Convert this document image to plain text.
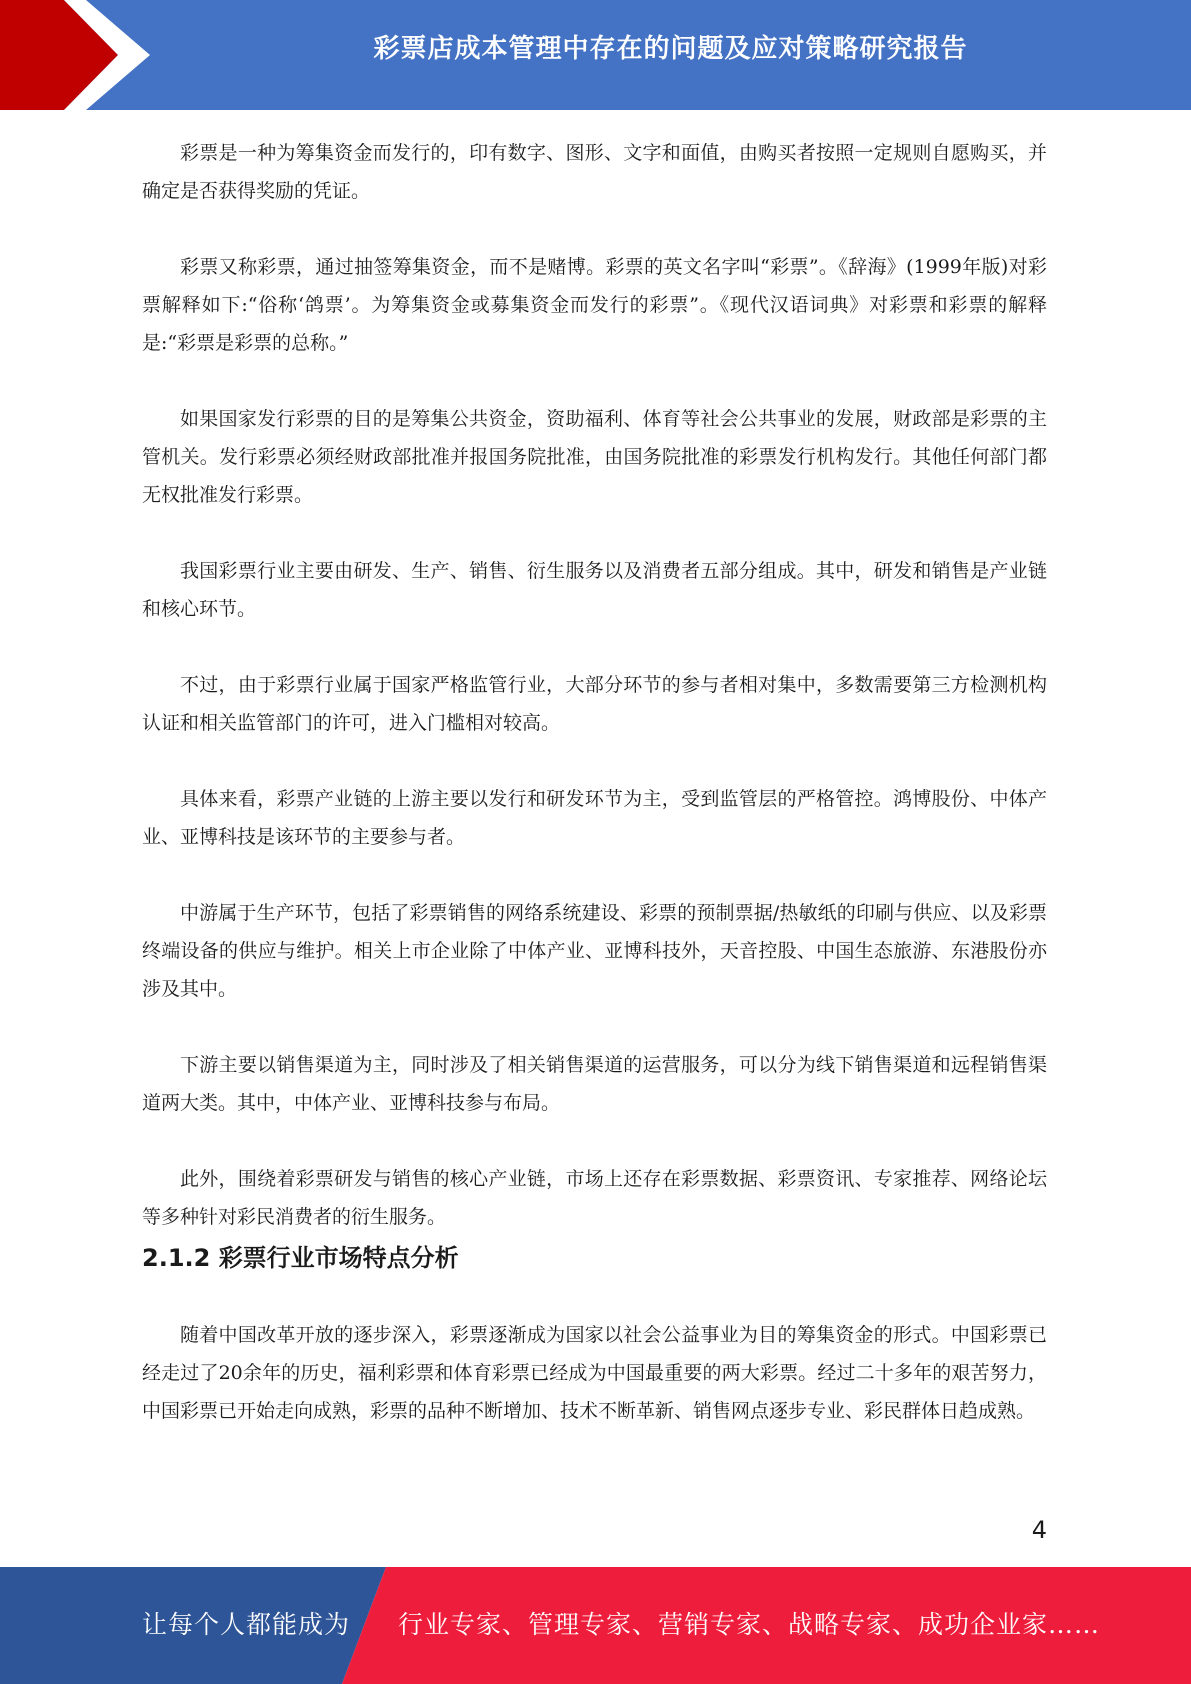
彩票店成本管理中存在的问题及应对策略研究报告

彩票是一种为筹集资金而发行的，印有数字、图形、文字和面值，由购买者按照一定规则自愿购买，并确定是否获得奖励的凭证。

彩票又称彩票，通过抽签筹集资金，而不是赌博。彩票的英文名字叫“彩票”。《辞海》(1999年版)对彩票解释如下:“俗称‘鸽票’。为筹集资金或募集资金而发行的彩票”。《现代汉语词典》对彩票和彩票的解释是:“彩票是彩票的总称。”

如果国家发行彩票的目的是筹集公共资金，资助福利、体育等社会公共事业的发展，财政部是彩票的主管机关。发行彩票必须经财政部批准并报国务院批准，由国务院批准的彩票发行机构发行。其他任何部门都无权批准发行彩票。

我国彩票行业主要由研发、生产、销售、衍生服务以及消费者五部分组成。其中，研发和销售是产业链和核心环节。

不过，由于彩票行业属于国家严格监管行业，大部分环节的参与者相对集中，多数需要第三方检测机构认证和相关监管部门的许可，进入门槛相对较高。

具体来看，彩票产业链的上游主要以发行和研发环节为主，受到监管层的严格管控。鸿博股份、中体产业、亚博科技是该环节的主要参与者。

中游属于生产环节，包括了彩票销售的网络系统建设、彩票的预制票据/热敏纸的印刷与供应、以及彩票终端设备的供应与维护。相关上市企业除了中体产业、亚博科技外，天音控股、中国生态旅游、东港股份亦涉及其中。

下游主要以销售渠道为主，同时涉及了相关销售渠道的运营服务，可以分为线下销售渠道和远程销售渠道两大类。其中，中体产业、亚博科技参与布局。

此外，围绕着彩票研发与销售的核心产业链，市场上还存在彩票数据、彩票资讯、专家推荐、网络论坛等多种针对彩民消费者的衍生服务。

2.1.2 彩票行业市场特点分析

随着中国改革开放的逐步深入，彩票逐渐成为国家以社会公益事业为目的筹集资金的形式。中国彩票已经走过了20余年的历史，福利彩票和体育彩票已经成为中国最重要的两大彩票。经过二十多年的艰苦努力，中国彩票已开始走向成熟，彩票的品种不断增加、技术不断革新、销售网点逐步专业、彩民群体日趋成熟。

4
让每个人都能成为 行业专家、管理专家、营销专家、战略专家、成功企业家……
